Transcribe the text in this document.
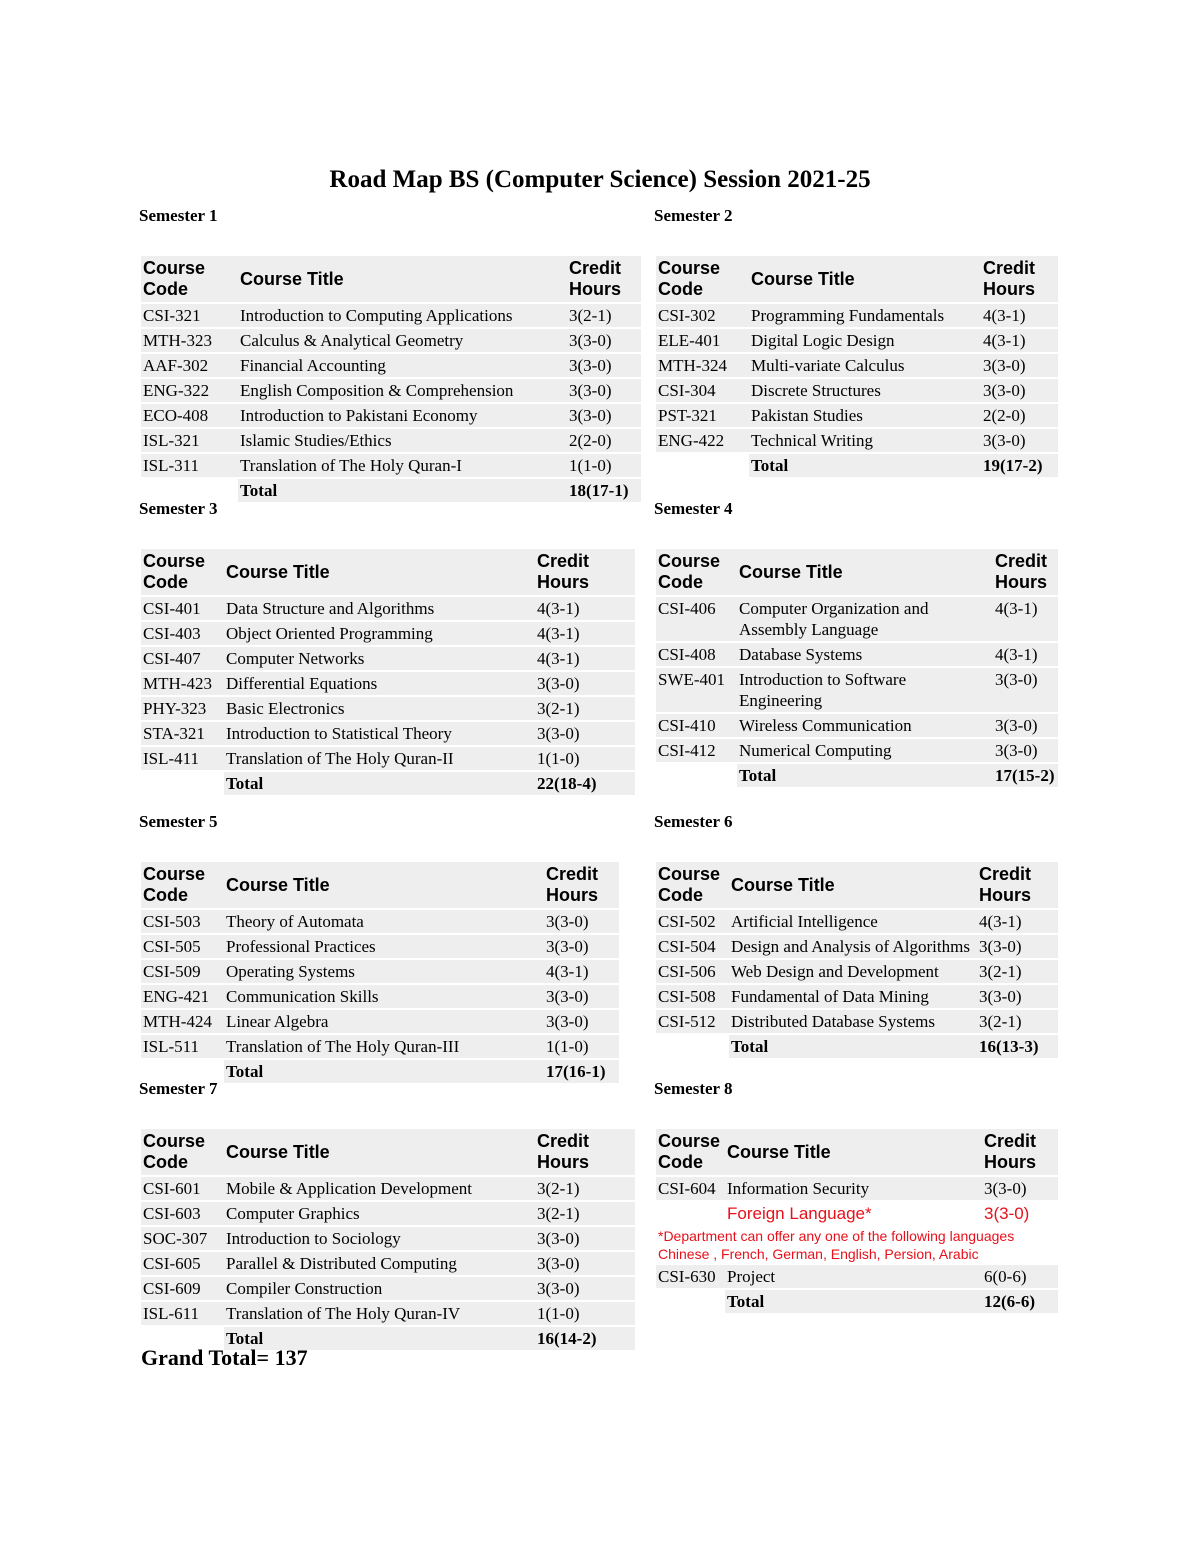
Road Map BS (Computer Science) Session 2021-25
Semester 1
Course Code	Course Title	Credit Hours
CSI-321	Introduction to Computing Applications	3(2-1)
MTH-323	Calculus & Analytical Geometry	3(3-0)
AAF-302	Financial Accounting	3(3-0)
ENG-322	English Composition & Comprehension	3(3-0)
ECO-408	Introduction to Pakistani Economy	3(3-0)
ISL-321	Islamic Studies/Ethics	2(2-0)
ISL-311	Translation of The Holy Quran-I	1(1-0)
	Total	18(17-1)
Semester 2
Course Code	Course Title	Credit Hours
CSI-302	Programming Fundamentals	4(3-1)
ELE-401	Digital Logic Design	4(3-1)
MTH-324	Multi-variate Calculus	3(3-0)
CSI-304	Discrete Structures	3(3-0)
PST-321	Pakistan Studies	2(2-0)
ENG-422	Technical Writing	3(3-0)
	Total	19(17-2)
Semester 3
Course Code	Course Title	Credit Hours
CSI-401	Data Structure and Algorithms	4(3-1)
CSI-403	Object Oriented Programming	4(3-1)
CSI-407	Computer Networks	4(3-1)
MTH-423	Differential Equations	3(3-0)
PHY-323	Basic Electronics	3(2-1)
STA-321	Introduction to Statistical Theory	3(3-0)
ISL-411	Translation of The Holy Quran-II	1(1-0)
	Total	22(18-4)
Semester 4
Course Code	Course Title	Credit Hours
CSI-406	Computer Organization and Assembly Language	4(3-1)
CSI-408	Database Systems	4(3-1)
SWE-401	Introduction to Software Engineering	3(3-0)
CSI-410	Wireless Communication	3(3-0)
CSI-412	Numerical Computing	3(3-0)
	Total	17(15-2)
Semester 5
Course Code	Course Title	Credit Hours
CSI-503	Theory of Automata	3(3-0)
CSI-505	Professional Practices	3(3-0)
CSI-509	Operating Systems	4(3-1)
ENG-421	Communication Skills	3(3-0)
MTH-424	Linear Algebra	3(3-0)
ISL-511	Translation of The Holy Quran-III	1(1-0)
	Total	17(16-1)
Semester 6
Course Code	Course Title	Credit Hours
CSI-502	Artificial Intelligence	4(3-1)
CSI-504	Design and Analysis of Algorithms	3(3-0)
CSI-506	Web Design and Development	3(2-1)
CSI-508	Fundamental of Data Mining	3(3-0)
CSI-512	Distributed Database Systems	3(2-1)
	Total	16(13-3)
Semester 7
Course Code	Course Title	Credit Hours
CSI-601	Mobile & Application Development	3(2-1)
CSI-603	Computer Graphics	3(2-1)
SOC-307	Introduction to Sociology	3(3-0)
CSI-605	Parallel & Distributed Computing	3(3-0)
CSI-609	Compiler Construction	3(3-0)
ISL-611	Translation of The Holy Quran-IV	1(1-0)
	Total	16(14-2)
Semester 8
Course Code	Course Title	Credit Hours
CSI-604	Information Security	3(3-0)
	Foreign Language*	3(3-0)

*Department can offer any one of the following languages
Chinese , French, German, English, Persion, Arabic		

CSI-630	Project	6(0-6)
	Total	12(6-6)
Grand Total= 137
